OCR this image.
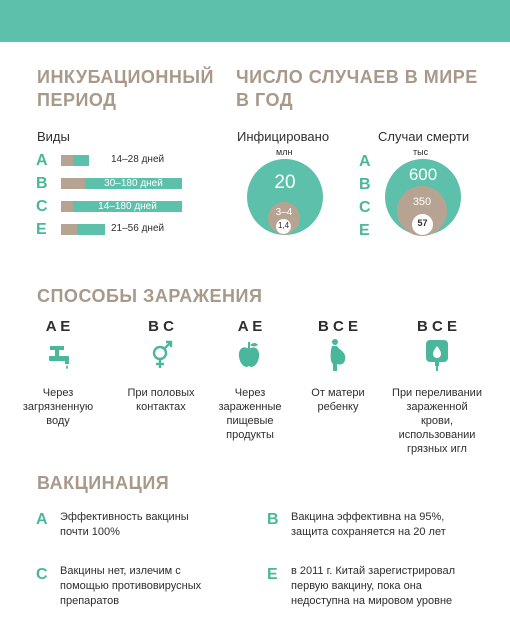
ИНКУБАЦИОННЫЙ
ПЕРИОД
ЧИСЛО СЛУЧАЕВ В МИРЕ
В ГОД
Виды
A	14–28 дней
B	30–180 дней
C	14–180 дней
E	21–56 дней
Инфицировано
млн
20
3–4
1,4
Случаи смерти
тыс
A
B
C
E
600
350
57
СПОСОБЫ ЗАРАЖЕНИЯ
A E
Через загрязненную воду
B C
При половых контактах
A E
Через зараженные пищевые продукты
B C E
От матери ребенку
B C E
При переливании зараженной крови, использовании грязных игл
ВАКЦИНАЦИЯ
A Эффективность вакцины почти 100%
B Вакцина эффективна на 95%, защита сохраняется на 20 лет
C Вакцины нет, излечим с помощью противовирусных препаратов
E в 2011 г. Китай зарегистрировал первую вакцину, пока она недоступна на мировом уровне
